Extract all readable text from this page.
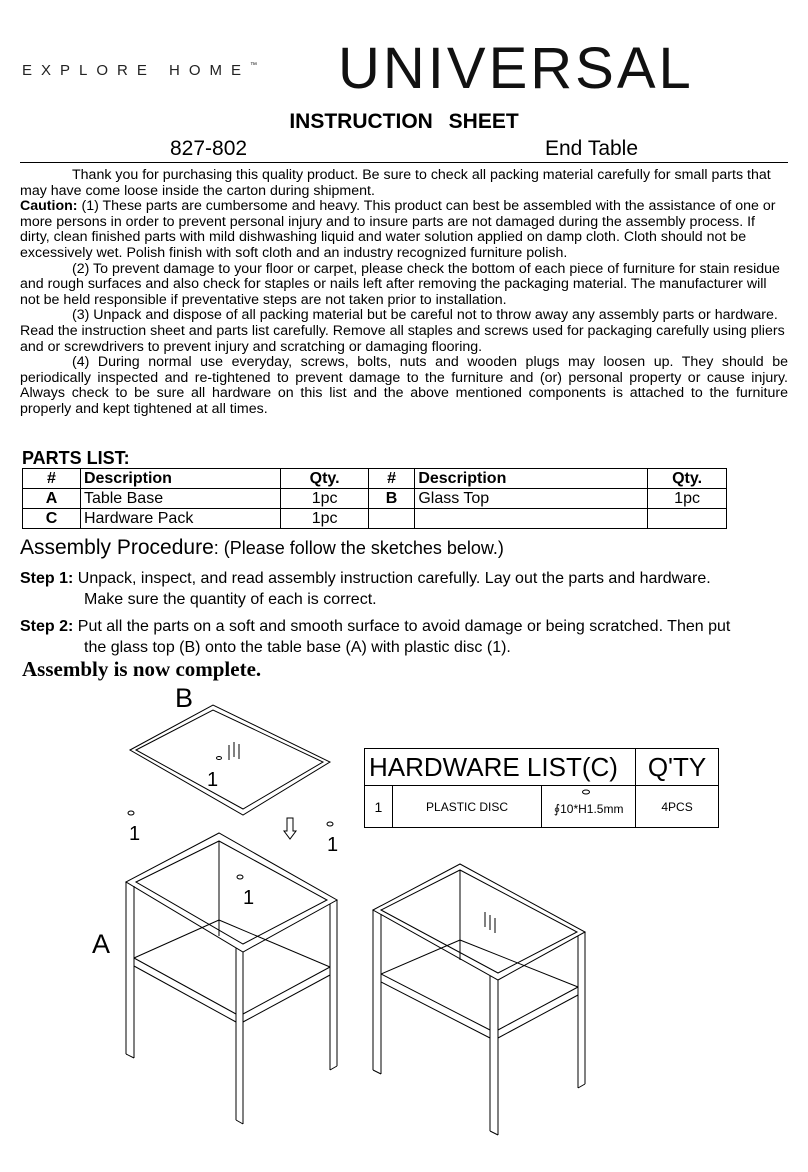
EXPLORE HOME™ UNIVERSAL
INSTRUCTION SHEET
827-802	End Table

Thank you for purchasing this quality product. Be sure to check all packing material carefully for small parts that may have come loose inside the carton during shipment.

Caution: (1) These parts are cumbersome and heavy. This product can best be assembled with the assistance of one or more persons in order to prevent personal injury and to insure parts are not damaged during the assembly process. If dirty, clean finished parts with mild dishwashing liquid and water solution applied on damp cloth. Cloth should not be excessively wet. Polish finish with soft cloth and an industry recognized furniture polish.

(2) To prevent damage to your floor or carpet, please check the bottom of each piece of furniture for stain residue and rough surfaces and also check for staples or nails left after removing the packaging material. The manufacturer will not be held responsible if preventative steps are not taken prior to installation.

(3) Unpack and dispose of all packing material but be careful not to throw away any assembly parts or hardware. Read the instruction sheet and parts list carefully. Remove all staples and screws used for packaging carefully using pliers and or screwdrivers to prevent injury and scratching or damaging flooring.

(4) During normal use everyday, screws, bolts, nuts and wooden plugs may loosen up. They should be periodically inspected and re-tightened to prevent damage to the furniture and (or) personal property or cause injury. Always check to be sure all hardware on this list and the above mentioned components is attached to the furniture properly and kept tightened at all times.

PARTS LIST:
#	Description	Qty.	#	Description	Qty.
A	Table Base	1pc	B	Glass Top	1pc
C	Hardware Pack	1pc			
Assembly Procedure: (Please follow the sketches below.)
Step 1: Unpack, inspect, and read assembly instruction carefully. Lay out the parts and hardware.
Make sure the quantity of each is correct.
Step 2: Put all the parts on a soft and smooth surface to avoid damage or being scratched. Then put
the glass top (B) onto the table base (A) with plastic disc (1).
Assembly is now complete.
B
A
1
1	1
1
HARDWARE LIST(C)			Q'TY
1	PLASTIC DISC	∮10*H1.5mm	4PCS
